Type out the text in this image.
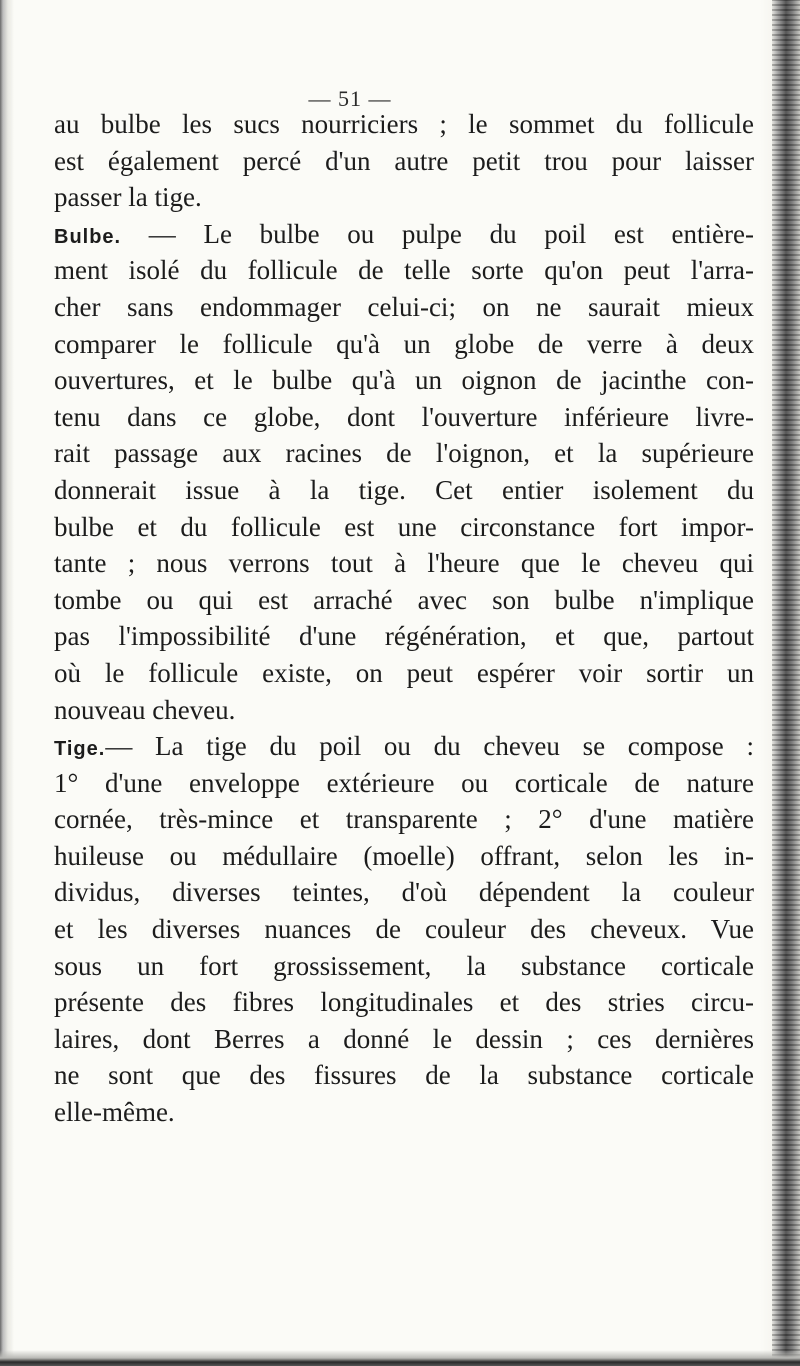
— 51 —
au bulbe les sucs nourriciers ; le sommet du follicule
est également percé d'un autre petit trou pour laisser
passer la tige.
Bulbe. — Le bulbe ou pulpe du poil est entière-
ment isolé du follicule de telle sorte qu'on peut l'arra-
cher sans endommager celui-ci; on ne saurait mieux
comparer le follicule qu'à un globe de verre à deux
ouvertures, et le bulbe qu'à un oignon de jacinthe con-
tenu dans ce globe, dont l'ouverture inférieure livre-
rait passage aux racines de l'oignon, et la supérieure
donnerait issue à la tige. Cet entier isolement du
bulbe et du follicule est une circonstance fort impor-
tante ; nous verrons tout à l'heure que le cheveu qui
tombe ou qui est arraché avec son bulbe n'implique
pas l'impossibilité d'une régénération, et que, partout
où le follicule existe, on peut espérer voir sortir un
nouveau cheveu.
Tige.— La tige du poil ou du cheveu se compose :
1° d'une enveloppe extérieure ou corticale de nature
cornée, très-mince et transparente ; 2° d'une matière
huileuse ou médullaire (moelle) offrant, selon les in-
dividus, diverses teintes, d'où dépendent la couleur
et les diverses nuances de couleur des cheveux. Vue
sous un fort grossissement, la substance corticale
présente des fibres longitudinales et des stries circu-
laires, dont Berres a donné le dessin ; ces dernières
ne sont que des fissures de la substance corticale
elle-même.
